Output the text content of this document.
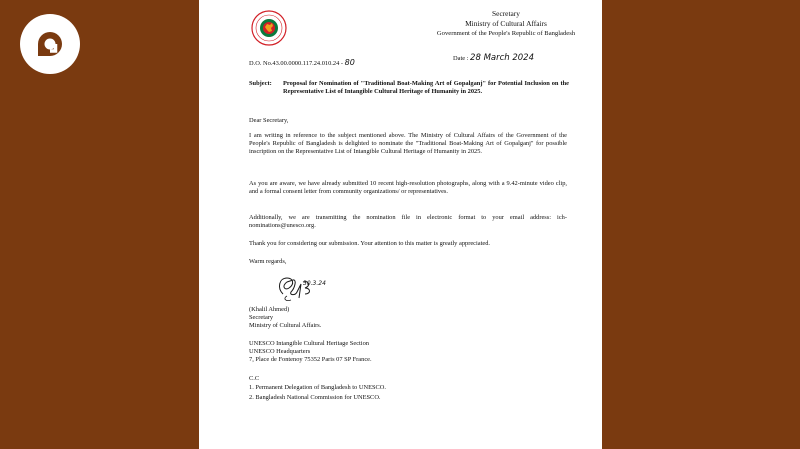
Secretary
Ministry of Cultural Affairs
Government of the People's Republic of Bangladesh
D.O. No.43.00.0000.117.24.010.24 - 80	Date : 28 March 2024
Subject:	Proposal for Nomination of "Traditional Boat-Making Art of Gopalganj" for Potential Inclusion on the Representative List of Intangible Cultural Heritage of Humanity in 2025.
Dear Secretary,
I am writing in reference to the subject mentioned above. The Ministry of Cultural Affairs of the Government of the People's Republic of Bangladesh is delighted to nominate the "Traditional Boat-Making Art of Gopalganj" for possible inscription on the Representative List of Intangible Cultural Heritage of Humanity in 2025.
As you are aware, we have already submitted 10 recent high-resolution photographs, along with a 9.42-minute video clip, and a formal consent letter from community organizations/ or representatives.
Additionally, we are transmitting the nomination file in electronic format to your email address: ich-nominations@unesco.org.
Thank you for considering our submission. Your attention to this matter is greatly appreciated.
Warm regards,
30.3.24
(Khalil Ahmed)
Secretary
Ministry of Cultural Affairs.
UNESCO Intangible Cultural Heritage Section
UNESCO Headquarters
7, Place de Fontenoy 75352 Paris 07 SP France.
C.C
1. Permanent Delegation of Bangladesh to UNESCO.
2. Bangladesh National Commission for UNESCO.
